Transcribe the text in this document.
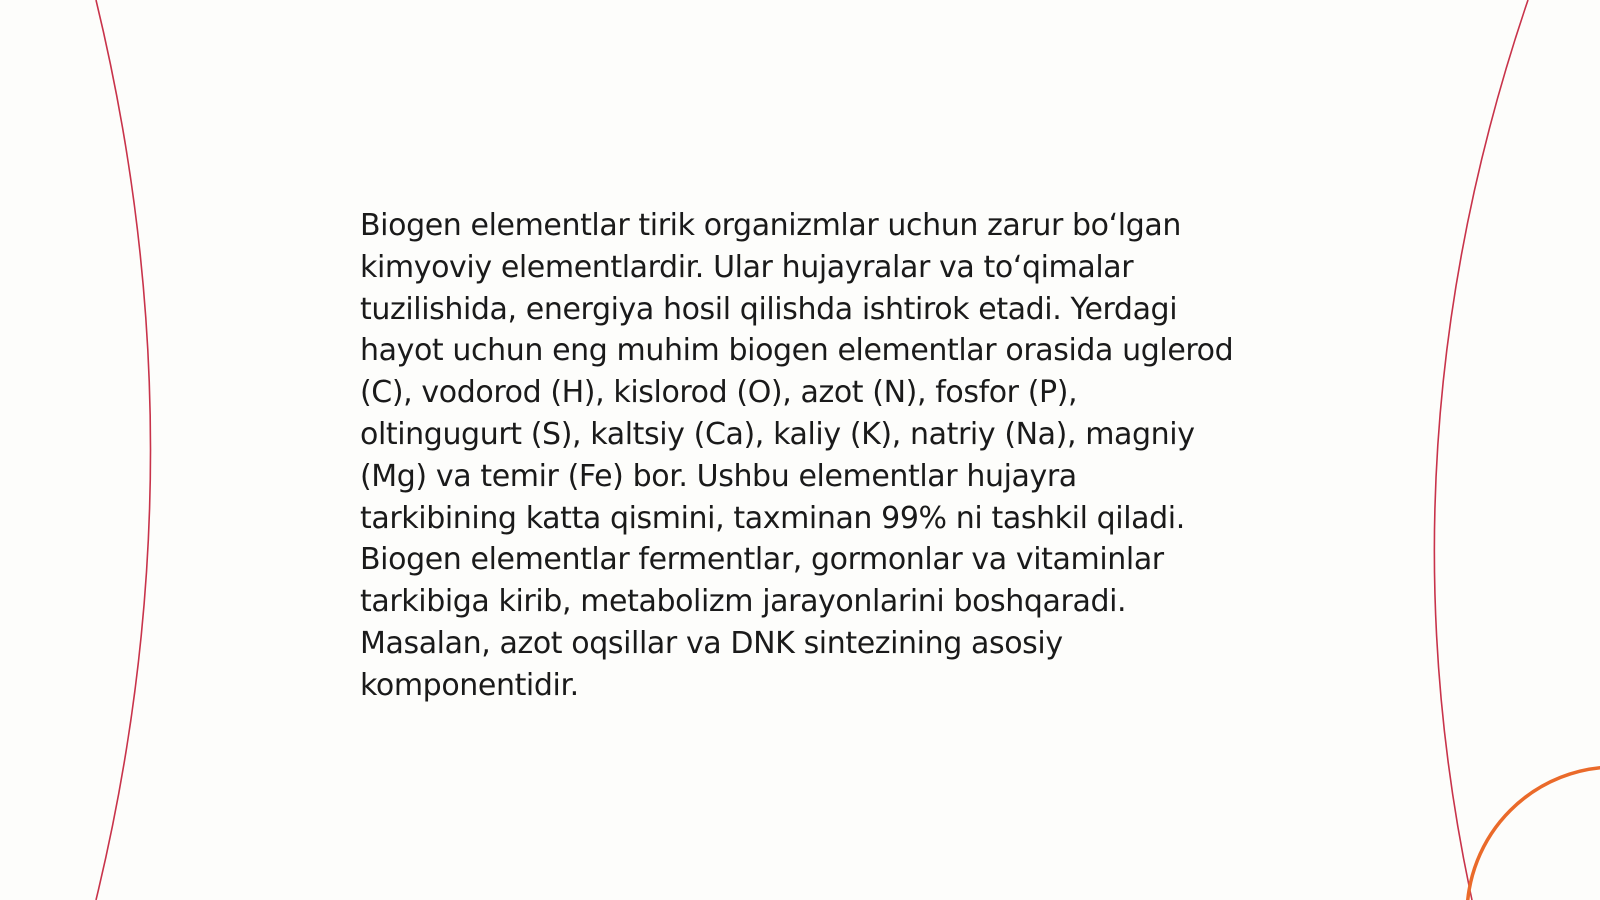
Biogen elementlar tirik organizmlar uchun zarur bo‘lgan kimyoviy elementlardir. Ular hujayralar va to‘qimalar tuzilishida, energiya hosil qilishda ishtirok etadi. Yerdagi hayot uchun eng muhim biogen elementlar orasida uglerod (C), vodorod (H), kislorod (O), azot (N), fosfor (P), oltingugurt (S), kaltsiy (Ca), kaliy (K), natriy (Na), magniy (Mg) va temir (Fe) bor. Ushbu elementlar hujayra tarkibining katta qismini, taxminan 99% ni tashkil qiladi. Biogen elementlar fermentlar, gormonlar va vitaminlar tarkibiga kirib, metabolizm jarayonlarini boshqaradi. Masalan, azot oqsillar va DNK sintezining asosiy komponentidir.
